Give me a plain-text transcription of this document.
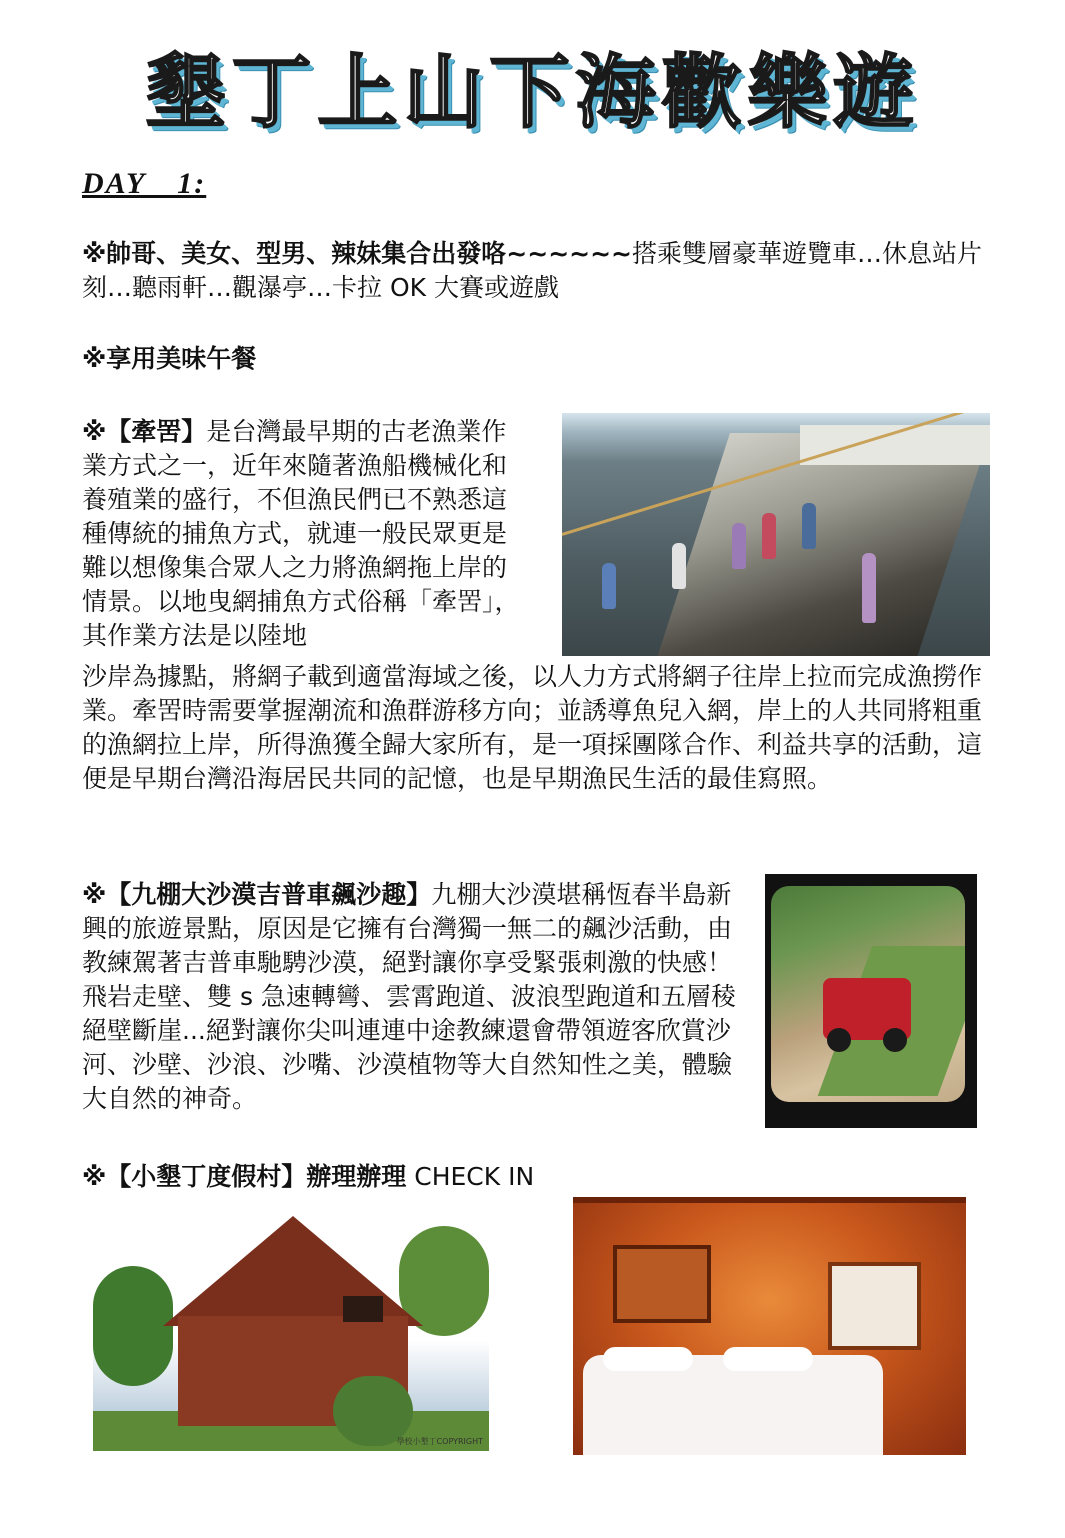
墾丁上山下海歡樂遊
DAY　1:
※帥哥、美女、型男、辣妹集合出發咯~~~~~~搭乘雙層豪華遊覽車…休息站片刻…聽雨軒…觀瀑亭…卡拉 OK 大賽或遊戲
※享用美味午餐
※【牽罟】是台灣最早期的古老漁業作業方式之一，近年來隨著漁船機械化和養殖業的盛行，不但漁民們已不熟悉這種傳統的捕魚方式，就連一般民眾更是難以想像集合眾人之力將漁網拖上岸的情景。以地曳網捕魚方式俗稱「牽罟」，其作業方法是以陸地
沙岸為據點，將網子載到適當海域之後，以人力方式將網子往岸上拉而完成漁撈作業。牽罟時需要掌握潮流和漁群游移方向；並誘導魚兒入網，岸上的人共同將粗重的漁網拉上岸，所得漁獲全歸大家所有，是一項採團隊合作、利益共享的活動，這便是早期台灣沿海居民共同的記憶，也是早期漁民生活的最佳寫照。
※【九棚大沙漠吉普車飆沙趣】九棚大沙漠堪稱恆春半島新興的旅遊景點，原因是它擁有台灣獨一無二的飆沙活動，由教練駕著吉普車馳騁沙漠，絕對讓你享受緊張刺激的快感！飛岩走壁、雙 s 急速轉彎、雲霄跑道、波浪型跑道和五層稜絕壁斷崖...絕對讓你尖叫連連中途教練還會帶領遊客欣賞沙河、沙壁、沙浪、沙嘴、沙漠植物等大自然知性之美，體驗大自然的神奇。
※【小墾丁度假村】辦理辦理 CHECK IN
學校小墾丁COPYRIGHT
